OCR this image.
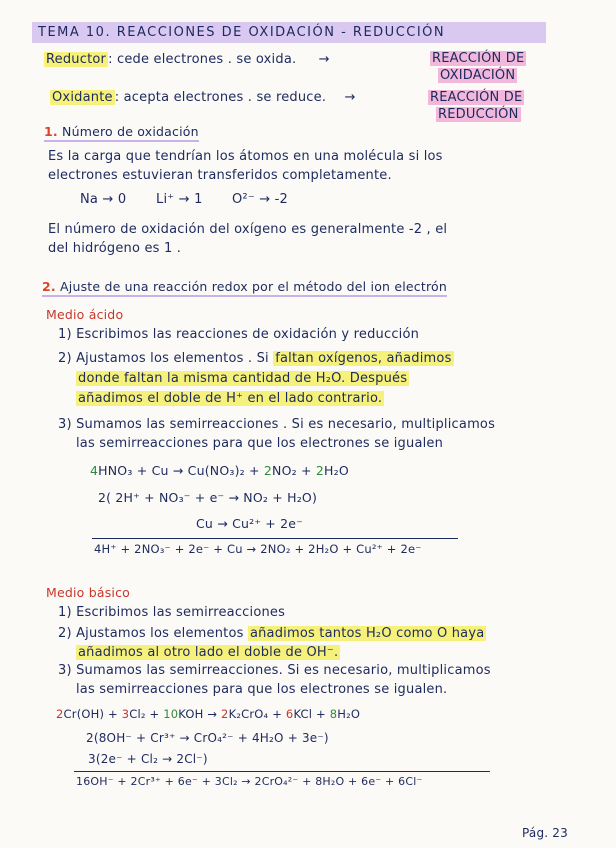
TEMA 10. REACCIONES DE OXIDACIÓN - REDUCCIÓN
Reductor : cede electrones . se oxida. →	REACCIÓN DE
OXIDACIÓN
Oxidante : acepta electrones . se reduce. →	REACCIÓN DE
REDUCCIÓN
1. Número de oxidación
Es la carga que tendrían los átomos en una molécula si los
electrones estuvieran transferidos completamente.
Na → 0 Li⁺ → 1 O²⁻ → -2
El número de oxidación del oxígeno es generalmente -2 , el
del hidrógeno es 1 .
2. Ajuste de una reacción redox por el método del ion electrón
Medio ácido
1) Escribimos las reacciones de oxidación y reducción
2) Ajustamos los elementos . Si faltan oxígenos, añadimos
donde faltan la misma cantidad de H₂O. Después
añadimos el doble de H⁺ en el lado contrario.
3) Sumamos las semirreacciones . Si es necesario, multiplicamos
las semirreacciones para que los electrones se igualen
4HNO₃ + Cu → Cu(NO₃)₂ + 2NO₂ + 2H₂O
2( 2H⁺ + NO₃⁻ + e⁻ → NO₂ + H₂O)
Cu → Cu²⁺ + 2e⁻
4H⁺ + 2NO₃⁻ + 2e⁻ + Cu → 2NO₂ + 2H₂O + Cu²⁺ + 2e⁻
Medio básico
1) Escribimos las semirreacciones
2) Ajustamos los elementos añadimos tantos H₂O como O haya
añadimos al otro lado el doble de OH⁻.
3) Sumamos las semirreacciones. Si es necesario, multiplicamos
las semirreacciones para que los electrones se igualen.
2Cr(OH) + 3Cl₂ + 10KOH → 2K₂CrO₄ + 6KCl + 8H₂O
2(8OH⁻ + Cr³⁺ → CrO₄²⁻ + 4H₂O + 3e⁻)
3(2e⁻ + Cl₂ → 2Cl⁻)
16OH⁻ + 2Cr³⁺ + 6e⁻ + 3Cl₂ → 2CrO₄²⁻ + 8H₂O + 6e⁻ + 6Cl⁻
Pág. 23
